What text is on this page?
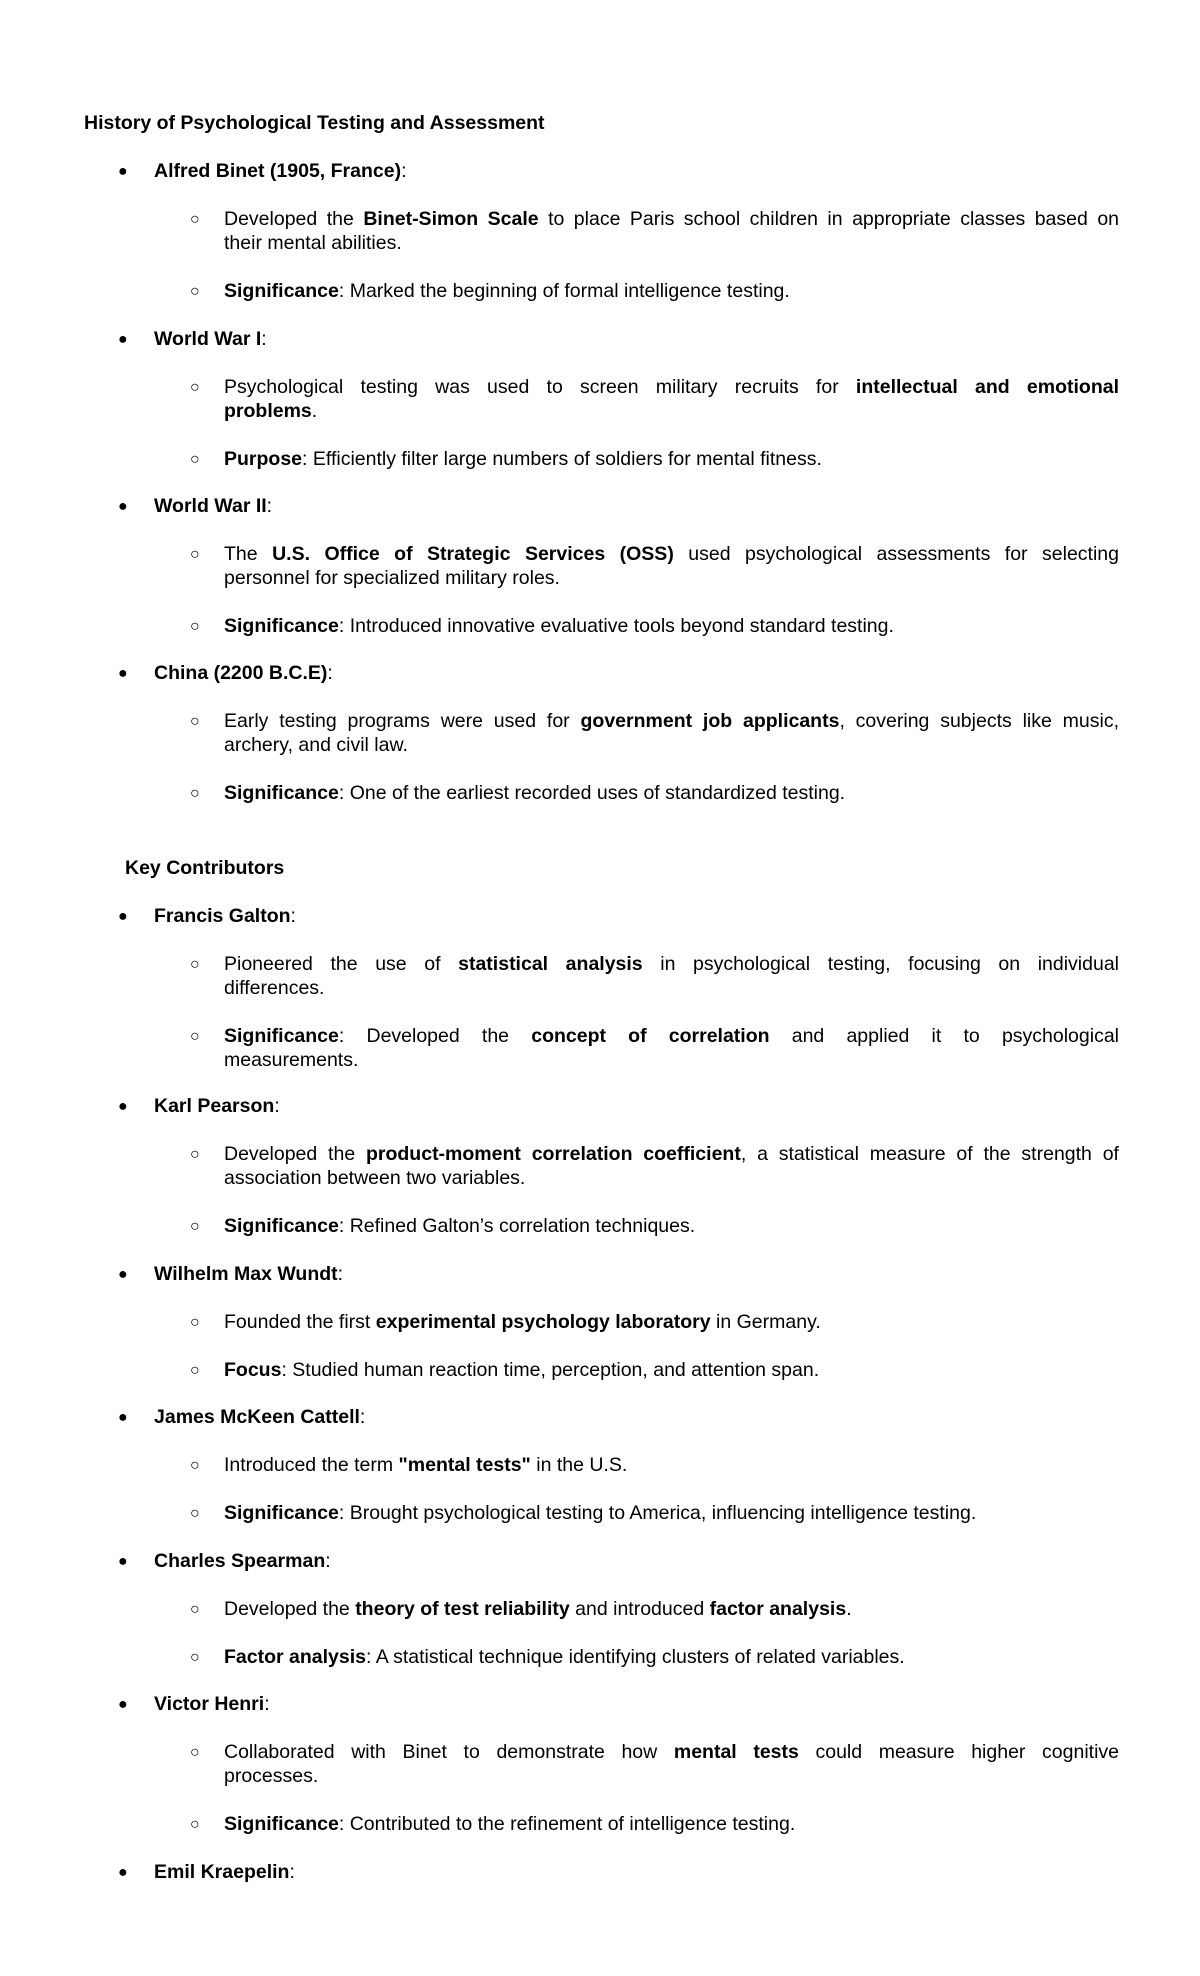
History of Psychological Testing and Assessment
● Alfred Binet (1905, France):
○ Developed the Binet-Simon Scale to place Paris school children in appropriate classes based on
their mental abilities.
○ Significance: Marked the beginning of formal intelligence testing.
● World War I:
○ Psychological testing was used to screen military recruits for intellectual and emotional
problems.
○ Purpose: Efficiently filter large numbers of soldiers for mental fitness.
● World War II:
○ The U.S. Office of Strategic Services (OSS) used psychological assessments for selecting
personnel for specialized military roles.
○ Significance: Introduced innovative evaluative tools beyond standard testing.
● China (2200 B.C.E):
○ Early testing programs were used for government job applicants, covering subjects like music,
archery, and civil law.
○ Significance: One of the earliest recorded uses of standardized testing.
Key Contributors
● Francis Galton:
○ Pioneered the use of statistical analysis in psychological testing, focusing on individual
differences.
○ Significance: Developed the concept of correlation and applied it to psychological
measurements.
● Karl Pearson:
○ Developed the product-moment correlation coefficient, a statistical measure of the strength of
association between two variables.
○ Significance: Refined Galton’s correlation techniques.
● Wilhelm Max Wundt:
○ Founded the first experimental psychology laboratory in Germany.
○ Focus: Studied human reaction time, perception, and attention span.
● James McKeen Cattell:
○ Introduced the term "mental tests" in the U.S.
○ Significance: Brought psychological testing to America, influencing intelligence testing.
● Charles Spearman:
○ Developed the theory of test reliability and introduced factor analysis.
○ Factor analysis: A statistical technique identifying clusters of related variables.
● Victor Henri:
○ Collaborated with Binet to demonstrate how mental tests could measure higher cognitive
processes.
○ Significance: Contributed to the refinement of intelligence testing.
● Emil Kraepelin:
